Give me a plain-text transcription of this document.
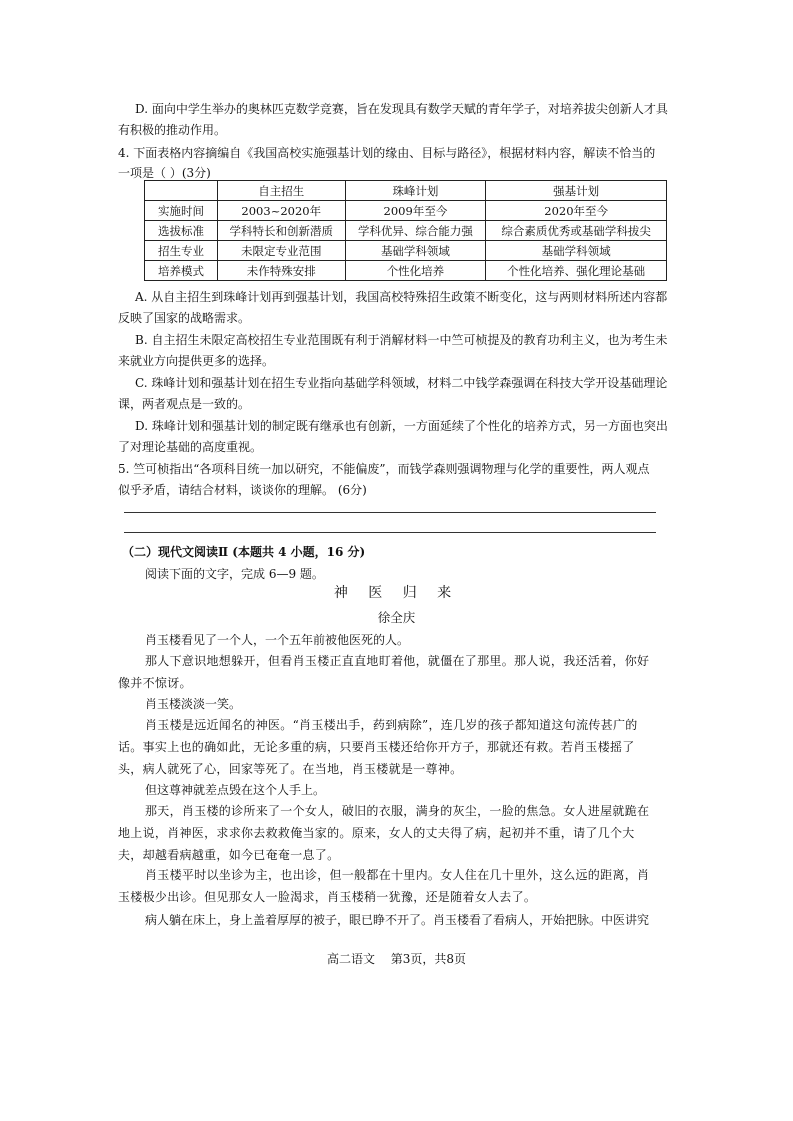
D. 面向中学生举办的奥林匹克数学竞赛，旨在发现具有数学天赋的青年学子，对培养拔尖创新人才具
有积极的推动作用。
4. 下面表格内容摘编自《我国高校实施强基计划的缘由、目标与路径》，根据材料内容，解读不恰当的
一项是（ ）(3分)
	自主招生	珠峰计划	强基计划
实施时间	2003~2020年	2009年至今	2020年至今
选拔标准	学科特长和创新潜质	学科优异、综合能力强	综合素质优秀或基础学科拔尖
招生专业	未限定专业范围	基础学科领域	基础学科领域
培养模式	未作特殊安排	个性化培养	个性化培养、强化理论基础
A. 从自主招生到珠峰计划再到强基计划，我国高校特殊招生政策不断变化，这与两则材料所述内容都
反映了国家的战略需求。
B. 自主招生未限定高校招生专业范围既有利于消解材料一中竺可桢提及的教育功利主义，也为考生未
来就业方向提供更多的选择。
C. 珠峰计划和强基计划在招生专业指向基础学科领域，材料二中钱学森强调在科技大学开设基础理论
课，两者观点是一致的。
D. 珠峰计划和强基计划的制定既有继承也有创新，一方面延续了个性化的培养方式，另一方面也突出
了对理论基础的高度重视。
5. 竺可桢指出“各项科目统一加以研究，不能偏废”，而钱学森则强调物理与化学的重要性，两人观点
似乎矛盾，请结合材料，谈谈你的理解。 (6分)
（二）现代文阅读Ⅱ (本题共 4 小题，16 分)
阅读下面的文字，完成 6—9 题。
神 医 归 来
徐全庆
肖玉楼看见了一个人，一个五年前被他医死的人。
那人下意识地想躲开，但看肖玉楼正直直地盯着他，就僵在了那里。那人说，我还活着，你好像并不惊讶。
肖玉楼淡淡一笑。
肖玉楼是远近闻名的神医。“肖玉楼出手，药到病除”，连几岁的孩子都知道这句流传甚广的话。事实上也的确如此，无论多重的病，只要肖玉楼还给你开方子，那就还有救。若肖玉楼摇了头，病人就死了心，回家等死了。在当地，肖玉楼就是一尊神。
但这尊神就差点毁在这个人手上。
那天，肖玉楼的诊所来了一个女人，破旧的衣服，满身的灰尘，一脸的焦急。女人进屋就跪在地上说，肖神医，求求你去救救俺当家的。原来，女人的丈夫得了病，起初并不重，请了几个大夫，却越看病越重，如今已奄奄一息了。
肖玉楼平时以坐诊为主，也出诊，但一般都在十里内。女人住在几十里外，这么远的距离，肖玉楼极少出诊。但见那女人一脸渴求，肖玉楼稍一犹豫，还是随着女人去了。
病人躺在床上，身上盖着厚厚的被子，眼已睁不开了。肖玉楼看了看病人，开始把脉。中医讲究
高二语文 第3页，共8页
